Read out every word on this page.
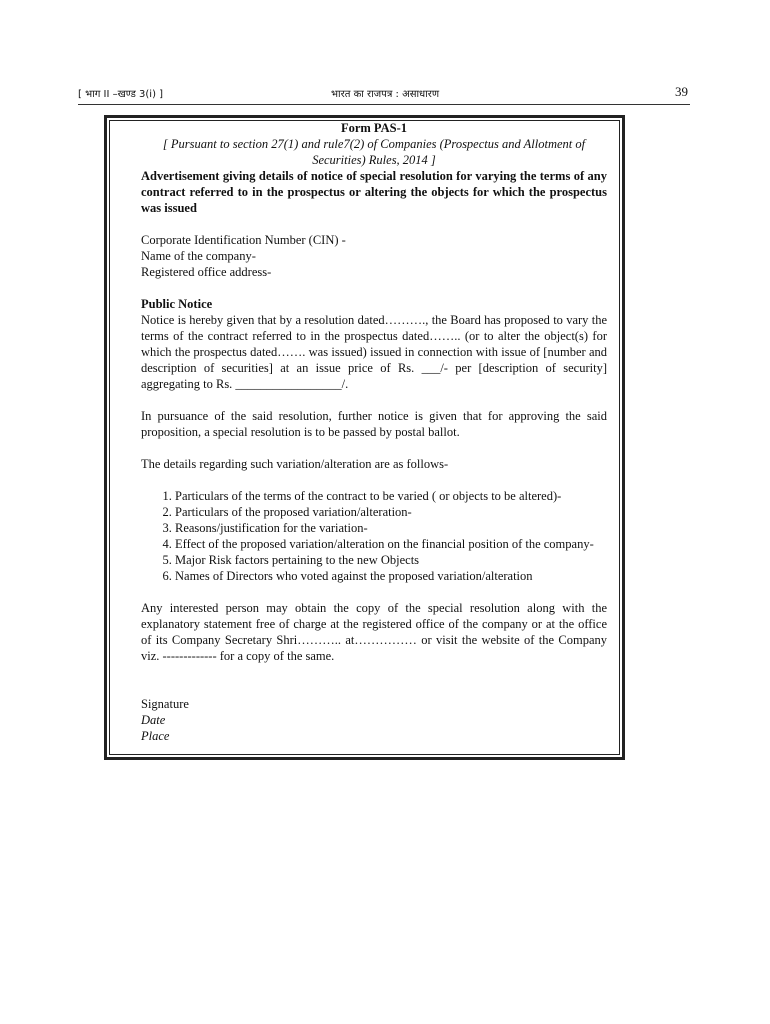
[ भाग II –खण्ड 3(i) ]	भारत का राजपत्र : असाधारण	39

Form PAS-1

[ Pursuant to section 27(1) and rule7(2) of Companies (Prospectus and Allotment of Securities) Rules, 2014 ]

Advertisement giving details of notice of special resolution for varying the terms of any contract referred to in the prospectus or altering the objects for which the prospectus was issued

Corporate Identification Number (CIN) -

Name of the company-

Registered office address-

Public Notice

Notice is hereby given that by a resolution dated………., the Board has proposed to vary the terms of the contract referred to in the prospectus dated…….. (or to alter the object(s) for which the prospectus dated……. was issued) issued in connection with issue of [number and description of securities] at an issue price of Rs. ___/- per [description of security] aggregating to Rs. _________________/.

In pursuance of the said resolution, further notice is given that for approving the said proposition, a special resolution is to be passed by postal ballot.

The details regarding such variation/alteration are as follows-

1. Particulars of the terms of the contract to be varied ( or objects to be altered)-
2. Particulars of the proposed variation/alteration-
3. Reasons/justification for the variation-
4. Effect of the proposed variation/alteration on the financial position of the company-
5. Major Risk factors pertaining to the new Objects
6. Names of Directors who voted against the proposed variation/alteration

Any interested person may obtain the copy of the special resolution along with the explanatory statement free of charge at the registered office of the company or at the office of its Company Secretary Shri……….. at…………… or visit the website of the Company viz. ------------- for a copy of the same.

Signature

Date

Place
